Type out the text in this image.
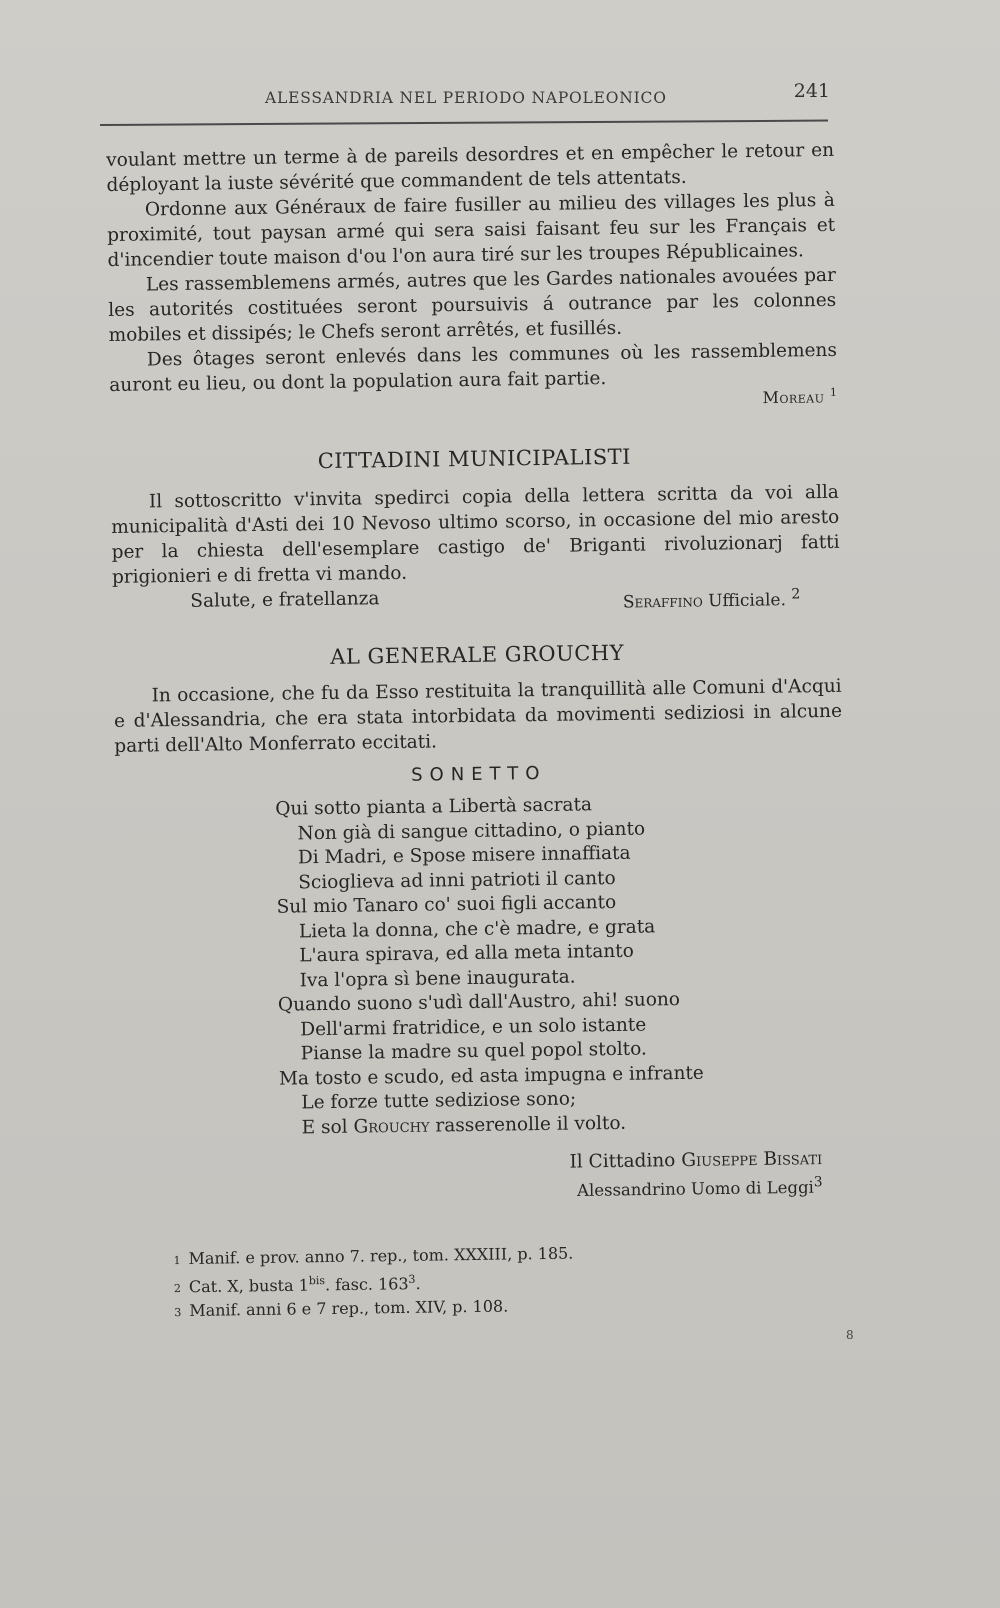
ALESSANDRIA NEL PERIODO NAPOLEONICO	241

voulant mettre un terme à de pareils desordres et en empêcher le retour en déployant la iuste sévérité que commandent de tels attentats.

Ordonne aux Généraux de faire fusiller au milieu des villages les plus à proximité, tout paysan armé qui sera saisi faisant feu sur les Français et d'incendier toute maison d'ou l'on aura tiré sur les troupes Républicaines.

Les rassemblemens armés, autres que les Gardes nationales avouées par les autorités costituées seront poursuivis á outrance par les colonnes mobiles et dissipés; le Chefs seront arrêtés, et fusillés.

Des ôtages seront enlevés dans les communes où les rassemblemens auront eu lieu, ou dont la population aura fait partie.

Moreau $^1$
CITTADINI MUNICIPALISTI

Il sottoscritto v'invita spedirci copia della lettera scritta da voi alla municipalità d'Asti dei 10 Nevoso ultimo scorso, in occasione del mio aresto per la chiesta dell'esemplare castigo de' Briganti rivoluzionarj fatti prigionieri e di fretta vi mando.

Salute, e fratellanza	Seraffino Ufficiale. $^2$
AL GENERALE GROUCHY

In occasione, che fu da Esso restituita la tranquillità alle Comuni d'Acqui e d'Alessandria, che era stata intorbidata da movimenti sediziosi in alcune parti dell'Alto Monferrato eccitati.

SONETTO
Qui sotto pianta a Libertà sacrata
Non già di sangue cittadino, o pianto
Di Madri, e Spose misere innaffiata
Scioglieva ad inni patrioti il canto
Sul mio Tanaro co' suoi figli accanto
Lieta la donna, che c'è madre, e grata
L'aura spirava, ed alla meta intanto
Iva l'opra sì bene inaugurata.
Quando suono s'udì dall'Austro, ahi! suono
Dell'armi fratridice, e un solo istante
Pianse la madre su quel popol stolto.
Ma tosto e scudo, ed asta impugna e infrante
Le forze tutte sediziose sono;
E sol Grouchy rasserenolle il volto.
Il Cittadino Giuseppe Bissati
Alessandrino Uomo di Leggi$^3$
1 Manif. e prov. anno 7. rep., tom. XXXIII, p. 185.
2 Cat. X, busta $1^{bis}$. fasc. $163^3$.
3 Manif. anni 6 e 7 rep., tom. XIV, p. 108.
8
